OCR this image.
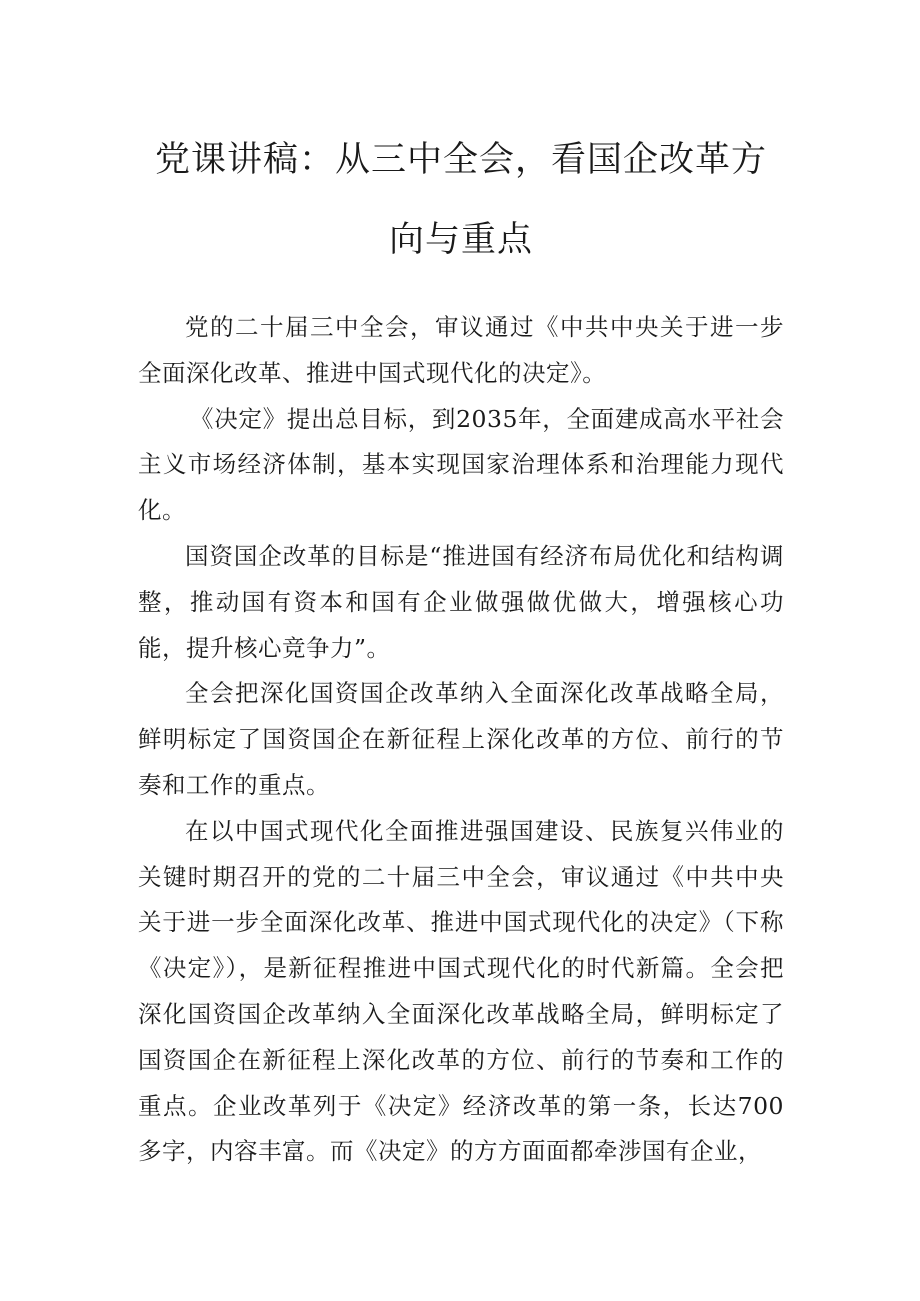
党课讲稿：从三中全会，看国企改革方向与重点

党的二十届三中全会，审议通过《中共中央关于进一步全面深化改革、推进中国式现代化的决定》。

《决定》提出总目标，到2035年，全面建成高水平社会主义市场经济体制，基本实现国家治理体系和治理能力现代化。

国资国企改革的目标是“推进国有经济布局优化和结构调整，推动国有资本和国有企业做强做优做大，增强核心功能，提升核心竞争力”。

全会把深化国资国企改革纳入全面深化改革战略全局，鲜明标定了国资国企在新征程上深化改革的方位、前行的节奏和工作的重点。

在以中国式现代化全面推进强国建设、民族复兴伟业的关键时期召开的党的二十届三中全会，审议通过《中共中央关于进一步全面深化改革、推进中国式现代化的决定》（下称《决定》），是新征程推进中国式现代化的时代新篇。全会把深化国资国企改革纳入全面深化改革战略全局，鲜明标定了国资国企在新征程上深化改革的方位、前行的节奏和工作的重点。企业改革列于《决定》经济改革的第一条，长达700多字，内容丰富。而《决定》的方方面面都牵涉国有企业，
